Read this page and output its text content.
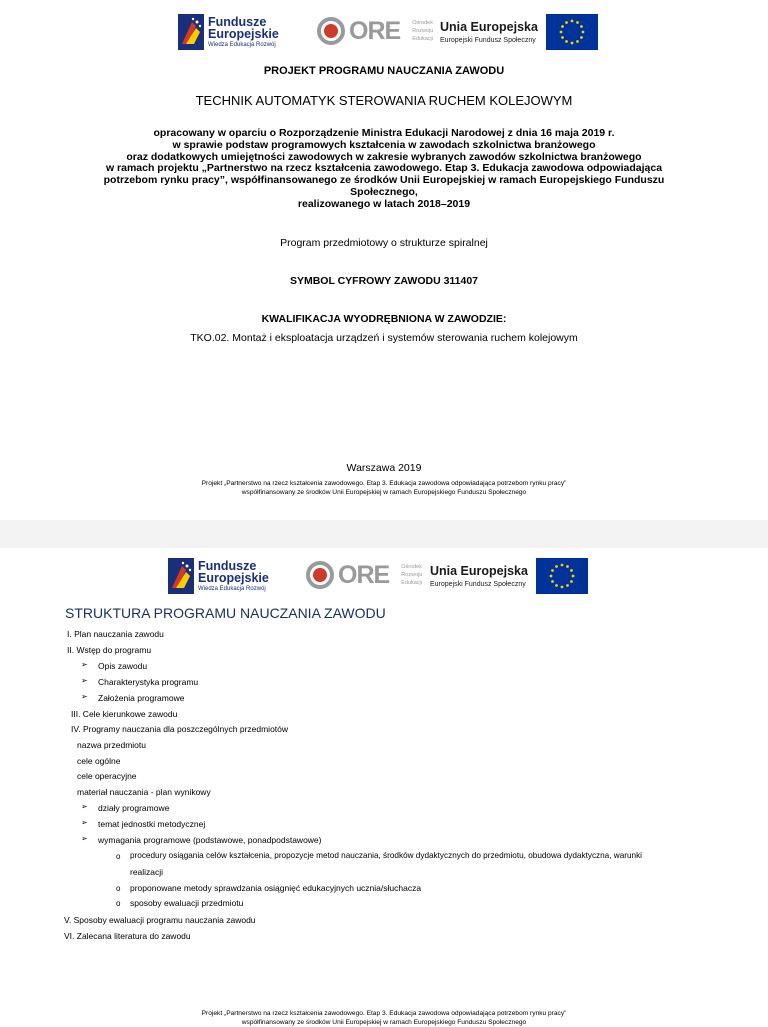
Fundusze
Europejskie
Wiedza Edukacja Rozwój
ORE Ośrodek
Rozwoju
Edukacji
Unia Europejska
Europejski Fundusz Społeczny
PROJEKT PROGRAMU NAUCZANIA ZAWODU
TECHNIK AUTOMATYK STEROWANIA RUCHEM KOLEJOWYM
opracowany w oparciu o Rozporządzenie Ministra Edukacji Narodowej z dnia 16 maja 2019 r.
w sprawie podstaw programowych kształcenia w zawodach szkolnictwa branżowego
oraz dodatkowych umiejętności zawodowych w zakresie wybranych zawodów szkolnictwa branżowego
w ramach projektu „Partnerstwo na rzecz kształcenia zawodowego. Etap 3. Edukacja zawodowa odpowiadająca
potrzebom rynku pracy”, współfinansowanego ze środków Unii Europejskiej w ramach Europejskiego Funduszu
Społecznego,
realizowanego w latach 2018–2019
Program przedmiotowy o strukturze spiralnej
SYMBOL CYFROWY ZAWODU 311407
KWALIFIKACJA WYODRĘBNIONA W ZAWODZIE:
TKO.02. Montaż i eksploatacja urządzeń i systemów sterowania ruchem kolejowym
Warszawa 2019
Projekt „Partnerstwo na rzecz kształcenia zawodowego. Etap 3. Edukacja zawodowa odpowiadająca potrzebom rynku pracy”
współfinansowany ze środków Unii Europejskiej w ramach Europejskiego Funduszu Społecznego
Fundusze
Europejskie
Wiedza Edukacja Rozwój
ORE Ośrodek
Rozwoju
Edukacji
Unia Europejska
Europejski Fundusz Społeczny
STRUKTURA PROGRAMU NAUCZANIA ZAWODU
I. Plan nauczania zawodu
II. Wstęp do programu
➢ Opis zawodu
➢ Charakterystyka programu
➢ Założenia programowe
III. Cele kierunkowe zawodu
IV. Programy nauczania dla poszczególnych przedmiotów
nazwa przedmiotu
cele ogólne
cele operacyjne
materiał nauczania - plan wynikowy
➢ działy programowe
➢ temat jednostki metodycznej
➢ wymagania programowe (podstawowe, ponadpodstawowe)
o procedury osiągania celów kształcenia, propozycje metod nauczania, środków dydaktycznych do przedmiotu, obudowa dydaktyczna, warunki
realizacji
o proponowane metody sprawdzania osiągnięć edukacyjnych ucznia/słuchacza
o sposoby ewaluacji przedmiotu
V. Sposoby ewaluacji programu nauczania zawodu
VI. Zalecana literatura do zawodu
Projekt „Partnerstwo na rzecz kształcenia zawodowego. Etap 3. Edukacja zawodowa odpowiadająca potrzebom rynku pracy”
współfinansowany ze środków Unii Europejskiej w ramach Europejskiego Funduszu Społecznego
